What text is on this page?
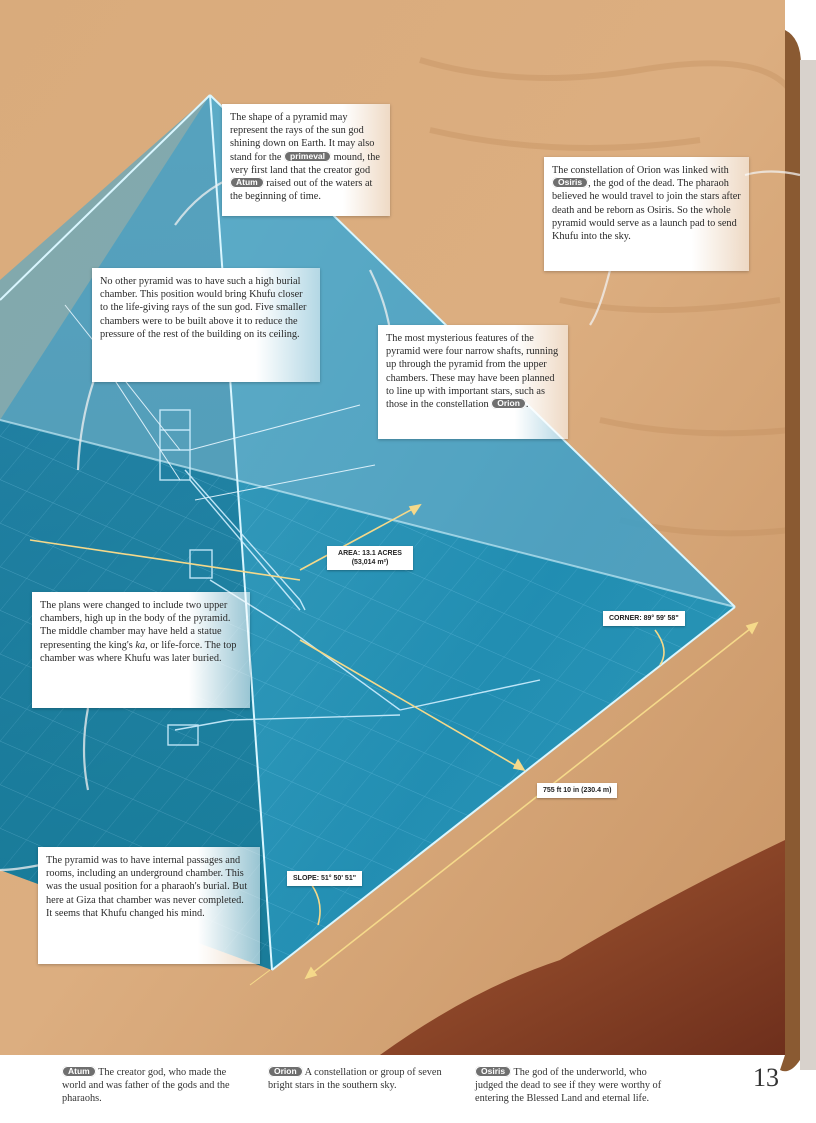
The shape of a pyramid may represent the rays of the sun god shining down on Earth. It may also stand for the primeval mound, the very first land that the creator god Atum raised out of the waters at the beginning of time.
The constellation of Orion was linked with Osiris , the god of the dead. The pharaoh believed he would travel to join the stars after death and be reborn as Osiris. So the whole pyramid would serve as a launch pad to send Khufu into the sky.
No other pyramid was to have such a high burial chamber. This position would bring Khufu closer to the life-giving rays of the sun god. Five smaller chambers were to be built above it to reduce the pressure of the rest of the building on its ceiling.	The most mysterious features of the pyramid were four narrow shafts, running up through the pyramid from the upper chambers. These may have been planned to line up with important stars, such as those in the constellation Orion .
The plans were changed to include two upper chambers, high up in the body of the pyramid. The middle chamber may have held a statue representing the king's ka, or life-force. The top chamber was where Khufu was later buried.
The pyramid was to have internal passages and rooms, including an underground chamber. This was the usual position for a pharaoh's burial. But here at Giza that chamber was never completed. It seems that Khufu changed his mind.
AREA: 13.1 ACRES
(53,014 m²)
CORNER: 89° 59' 58"
755 ft 10 in (230.4 m)
SLOPE: 51° 50' 51"
Atum The creator god, who made the world and was father of the gods and the pharaohs.
Orion A constellation or group of seven bright stars in the southern sky.
Osiris The god of the underworld, who judged the dead to see if they were worthy of entering the Blessed Land and eternal life.
13
